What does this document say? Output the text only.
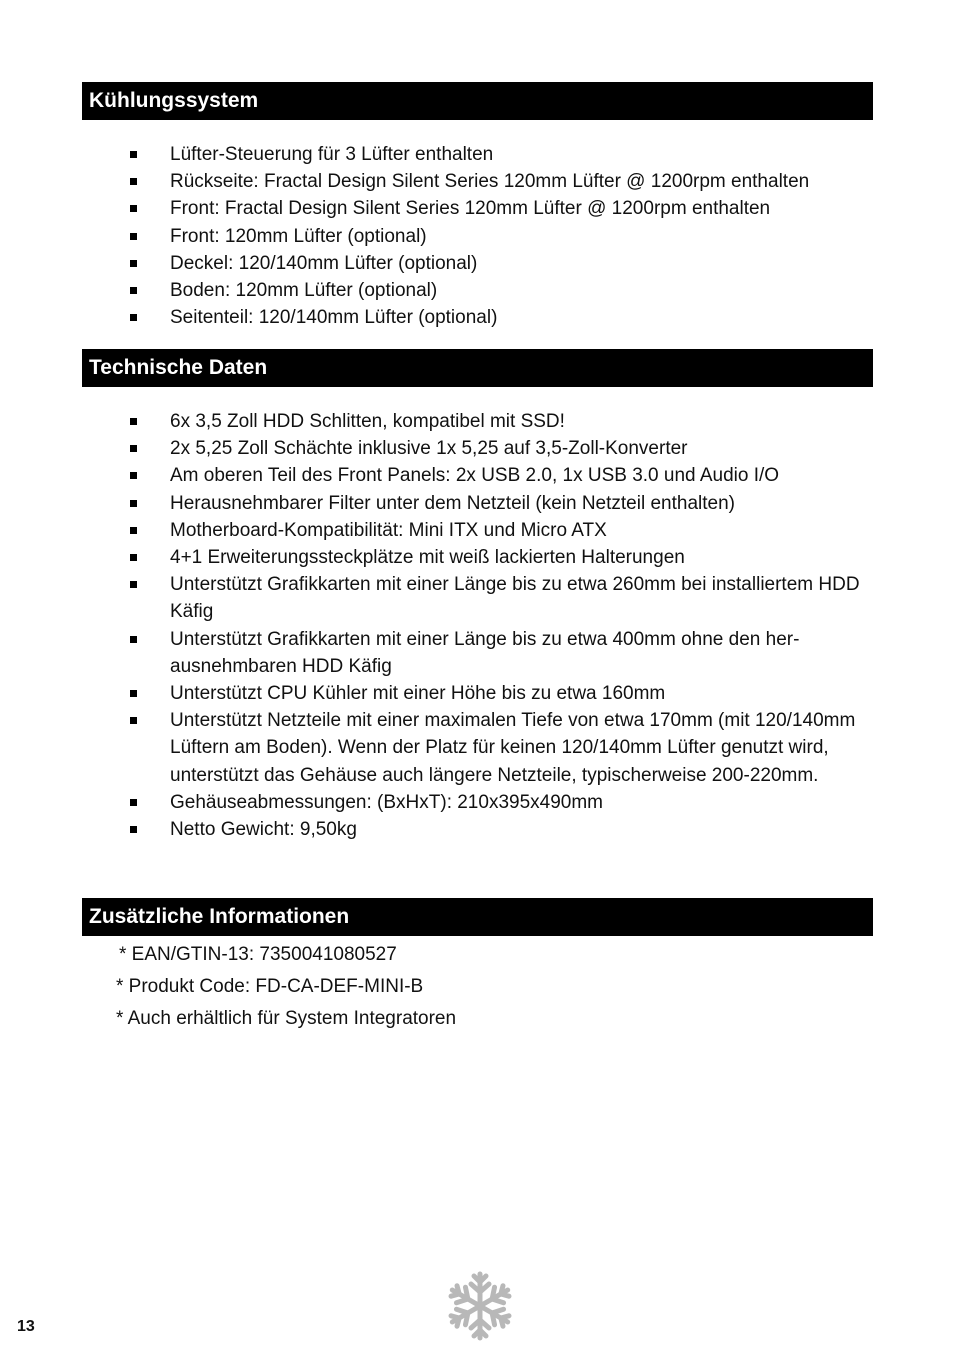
Kühlungssystem
Lüfter-Steuerung für 3 Lüfter enthalten
Rückseite: Fractal Design Silent Series 120mm Lüfter @ 1200rpm enthalten
Front: Fractal Design Silent Series 120mm Lüfter @ 1200rpm enthalten
Front: 120mm Lüfter (optional)
Deckel: 120/140mm Lüfter (optional)
Boden: 120mm Lüfter (optional)
Seitenteil: 120/140mm Lüfter (optional)
Technische Daten
6x 3,5 Zoll HDD Schlitten, kompatibel mit SSD!
2x 5,25 Zoll Schächte inklusive 1x 5,25 auf 3,5-Zoll-Konverter
Am oberen Teil des Front Panels: 2x USB 2.0, 1x USB 3.0 und Audio I/O
Herausnehmbarer Filter unter dem Netzteil (kein Netzteil enthalten)
Motherboard-Kompatibilität: Mini ITX und Micro ATX
4+1 Erweiterungssteckplätze mit weiß lackierten Halterungen
Unterstützt Grafikkarten mit einer Länge bis zu etwa 260mm bei installiertem HDD Käfig
Unterstützt Grafikkarten mit einer Länge bis zu etwa 400mm ohne den her-ausnehmbaren HDD Käfig
Unterstützt CPU Kühler mit einer Höhe bis zu etwa 160mm
Unterstützt Netzteile mit einer maximalen Tiefe von etwa 170mm (mit 120/140mm Lüftern am Boden). Wenn der Platz für keinen 120/140mm Lüfter genutzt wird, unterstützt das Gehäuse auch längere Netzteile, typischerweise 200-220mm.
Gehäuseabmessungen: (BxHxT): 210x395x490mm
Netto Gewicht: 9,50kg
Zusätzliche Informationen
* EAN/GTIN-13: 7350041080527
* Produkt Code: FD-CA-DEF-MINI-B
* Auch erhältlich für System Integratoren
13
